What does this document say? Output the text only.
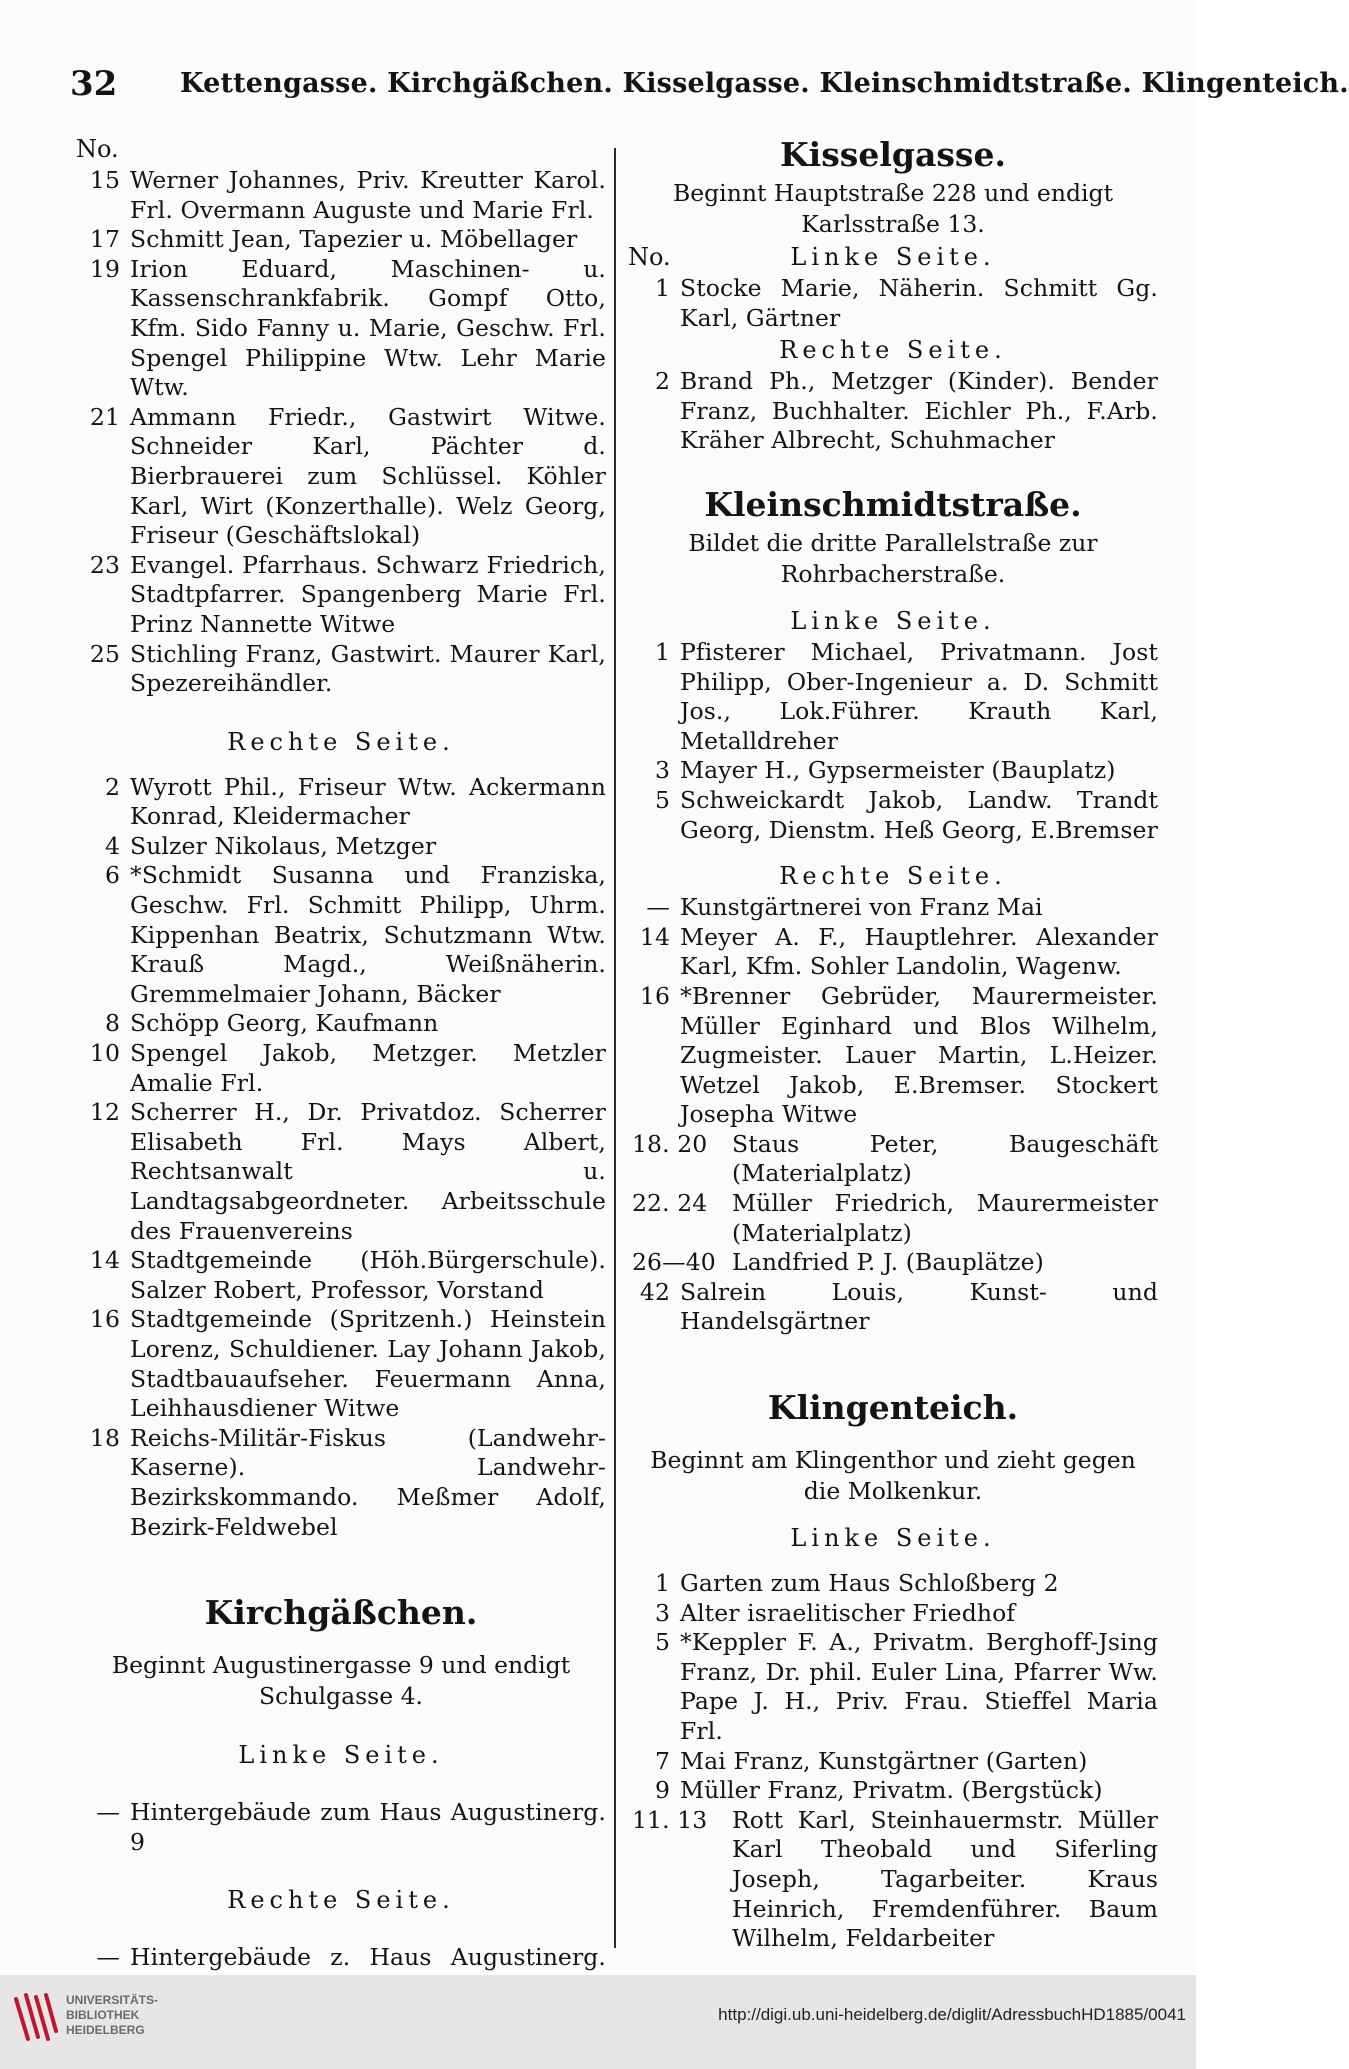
32 Kettengasse. Kirchgäßchen. Kisselgasse. Kleinschmidtstraße. Klingenteich.
No.
15 Werner Johannes, Priv. Kreutter Karol. Frl. Overmann Auguste und Marie Frl.
17 Schmitt Jean, Tapezier u. Möbellager
19 Irion Eduard, Maschinen- u. Kassenschrankfabrik. Gompf Otto, Kfm. Sido Fanny u. Marie, Geschw. Frl. Spengel Philippine Wtw. Lehr Marie Wtw.
21 Ammann Friedr., Gastwirt Witwe. Schneider Karl, Pächter d. Bierbrauerei zum Schlüssel. Köhler Karl, Wirt (Konzerthalle). Welz Georg, Friseur (Geschäftslokal)
23 Evangel. Pfarrhaus. Schwarz Friedrich, Stadtpfarrer. Spangenberg Marie Frl. Prinz Nannette Witwe
25 Stichling Franz, Gastwirt. Maurer Karl, Spezereihändler.
Rechte Seite.
2 Wyrott Phil., Friseur Wtw. Ackermann Konrad, Kleidermacher
4 Sulzer Nikolaus, Metzger
6 *Schmidt Susanna und Franziska, Geschw. Frl. Schmitt Philipp, Uhrm. Kippenhan Beatrix, Schutzmann Wtw. Krauß Magd., Weißnäherin. Gremmelmaier Johann, Bäcker
8 Schöpp Georg, Kaufmann
10 Spengel Jakob, Metzger. Metzler Amalie Frl.
12 Scherrer H., Dr. Privatdoz. Scherrer Elisabeth Frl. Mays Albert, Rechtsanwalt u. Landtagsabgeordneter. Arbeitsschule des Frauenvereins
14 Stadtgemeinde (Höh.Bürgerschule). Salzer Robert, Professor, Vorstand
16 Stadtgemeinde (Spritzenh.) Heinstein Lorenz, Schuldiener. Lay Johann Jakob, Stadtbauaufseher. Feuermann Anna, Leihhausdiener Witwe
18 Reichs-Militär-Fiskus (Landwehr-Kaserne). Landwehr-Bezirkskommando. Meßmer Adolf, Bezirk-Feldwebel
Kirchgäßchen.
Beginnt Augustinergasse 9 und endigt Schulgasse 4.
Linke Seite.
— Hintergebäude zum Haus Augustinerg. 9
Rechte Seite.
— Hintergebäude z. Haus Augustinerg.
Kisselgasse.
Beginnt Hauptstraße 228 und endigt Karlsstraße 13.
No.	Linke Seite.
1 Stocke Marie, Näherin. Schmitt Gg. Karl, Gärtner
Rechte Seite.
2 Brand Ph., Metzger (Kinder). Bender Franz, Buchhalter. Eichler Ph., F.Arb. Kräher Albrecht, Schuhmacher
Kleinschmidtstraße.
Bildet die dritte Parallelstraße zur Rohrbacherstraße.
Linke Seite.
1 Pfisterer Michael, Privatmann. Jost Philipp, Ober-Ingenieur a. D. Schmitt Jos., Lok.Führer. Krauth Karl, Metalldreher
3 Mayer H., Gypsermeister (Bauplatz)
5 Schweickardt Jakob, Landw. Trandt Georg, Dienstm. Heß Georg, E.Bremser
Rechte Seite.
— Kunstgärtnerei von Franz Mai
14 Meyer A. F., Hauptlehrer. Alexander Karl, Kfm. Sohler Landolin, Wagenw.
16 *Brenner Gebrüder, Maurermeister. Müller Eginhard und Blos Wilhelm, Zugmeister. Lauer Martin, L.Heizer. Wetzel Jakob, E.Bremser. Stockert Josepha Witwe
18. 20	Staus Peter, Baugeschäft (Materialplatz)
22. 24	Müller Friedrich, Maurermeister (Materialplatz)
26—40 Landfried P. J. (Bauplätze)
42 Salrein Louis, Kunst- und Handelsgärtner
Klingenteich.
Beginnt am Klingenthor und zieht gegen die Molkenkur.
Linke Seite.
1 Garten zum Haus Schloßberg 2
3 Alter israelitischer Friedhof
5 *Keppler F. A., Privatm. Berghoff-Jsing Franz, Dr. phil. Euler Lina, Pfarrer Ww. Pape J. H., Priv. Frau. Stieffel Maria Frl.
7 Mai Franz, Kunstgärtner (Garten)
9 Müller Franz, Privatm. (Bergstück)
11. 13	Rott Karl, Steinhauermstr. Müller Karl Theobald und Siferling Joseph, Tagarbeiter. Kraus Heinrich, Fremdenführer. Baum Wilhelm, Feldarbeiter
UNIVERSITÄTS-
BIBLIOTHEK
HEIDELBERG
http://digi.ub.uni-heidelberg.de/diglit/AdressbuchHD1885/0041
